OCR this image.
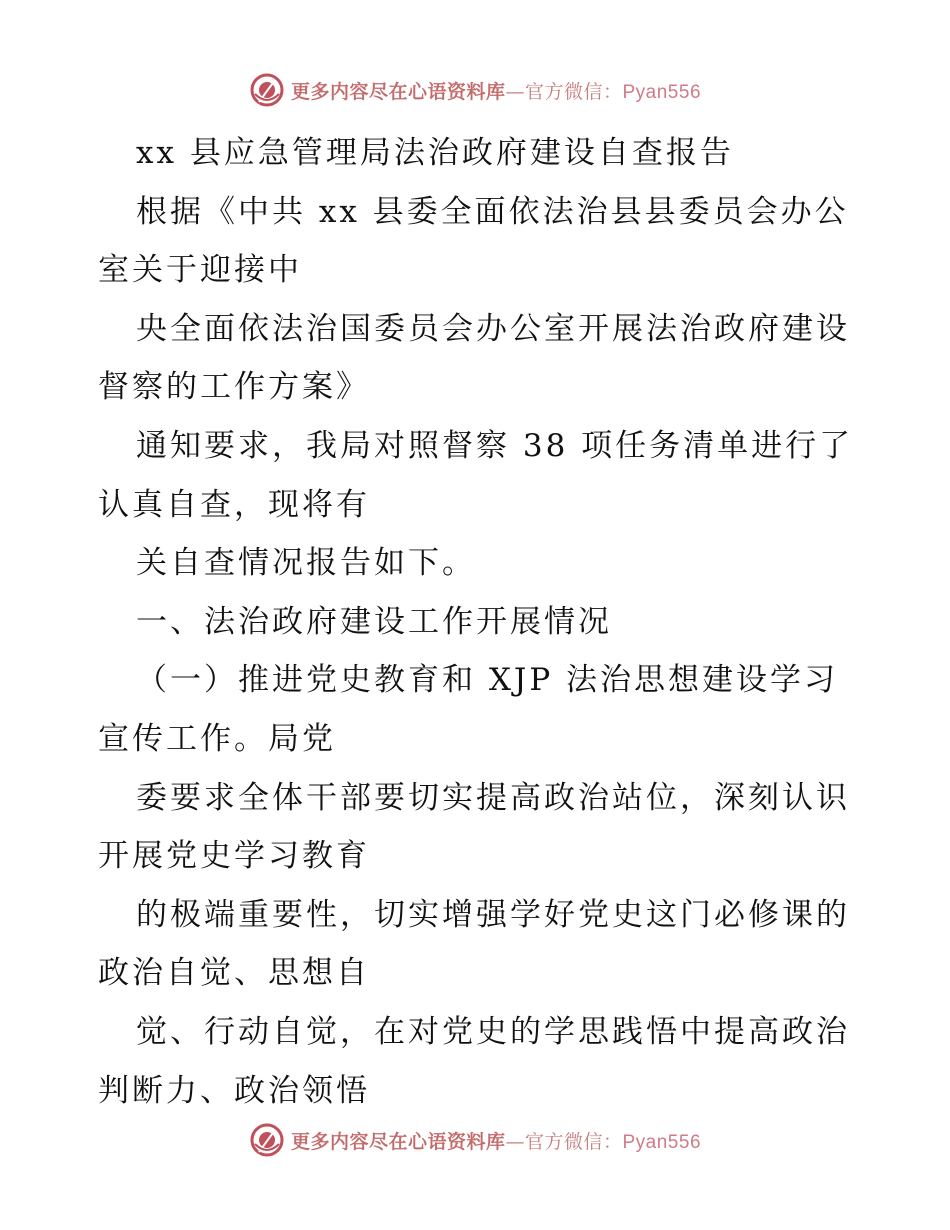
更多内容尽在心语资料库—官方微信：Pyan556
xx 县应急管理局法治政府建设自查报告
根据《中共 xx 县委全面依法治县县委员会办公
室关于迎接中
央全面依法治国委员会办公室开展法治政府建设
督察的工作方案》
通知要求，我局对照督察 38 项任务清单进行了
认真自查，现将有
关自查情况报告如下。
一、法治政府建设工作开展情况
（一）推进党史教育和 XJP 法治思想建设学习
宣传工作。局党
委要求全体干部要切实提高政治站位，深刻认识
开展党史学习教育
的极端重要性，切实增强学好党史这门必修课的
政治自觉、思想自
觉、行动自觉，在对党史的学思践悟中提高政治
判断力、政治领悟
更多内容尽在心语资料库—官方微信：Pyan556
